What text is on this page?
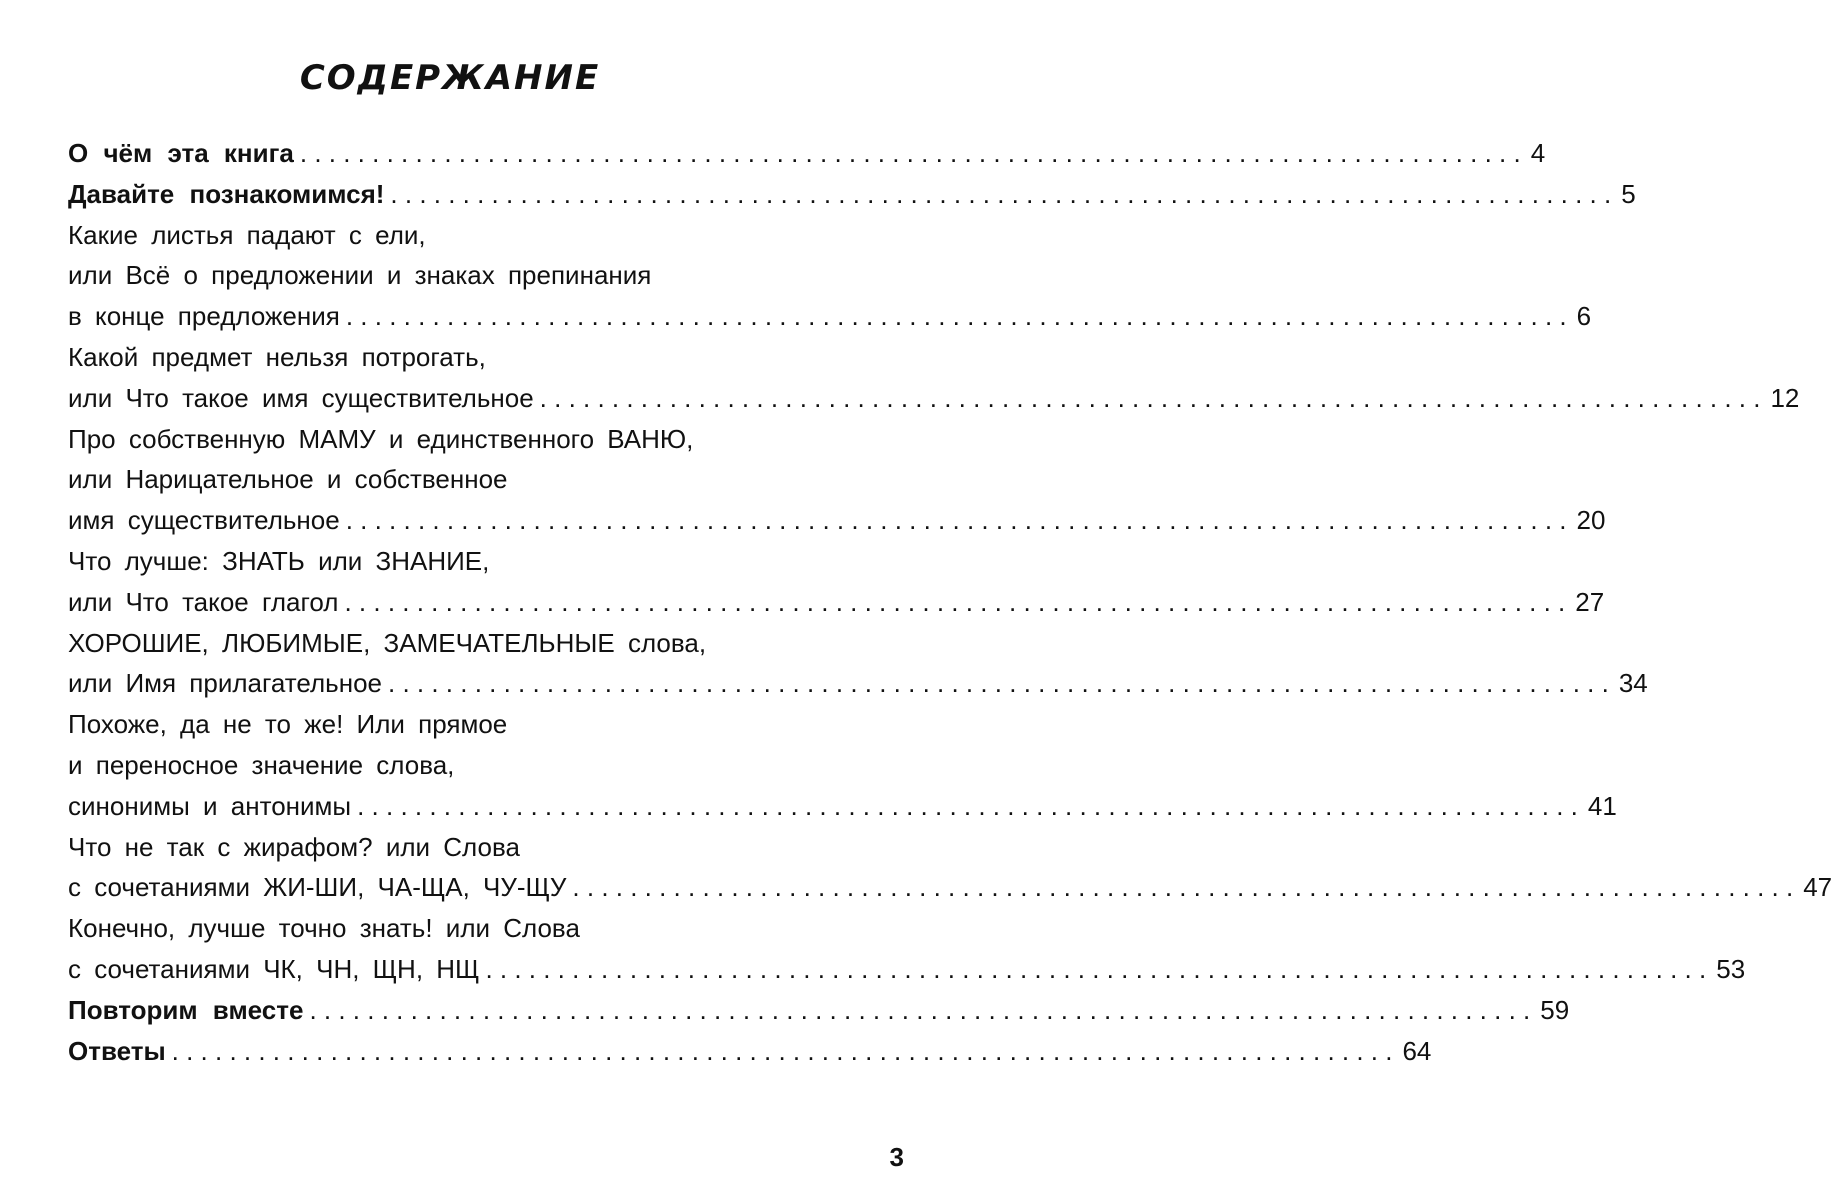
СОДЕРЖАНИЕ
О чём эта книга . . .	4
Давайте познакомимся! . . .	5
Какие листья падают с ели,
или Всё о предложении и знаках препинания
в конце предложения . . .	6
Какой предмет нельзя потрогать,
или Что такое имя существительное . . .	12
Про собственную МАМУ и единственного ВАНЮ,
или Нарицательное и собственное
имя существительное . . .	20
Что лучше: ЗНАТЬ или ЗНАНИЕ,
или Что такое глагол . . .	27
ХОРОШИЕ, ЛЮБИМЫЕ, ЗАМЕЧАТЕЛЬНЫЕ слова,
или Имя прилагательное . . .	34
Похоже, да не то же! Или прямое
и переносное значение слова,
синонимы и антонимы . . .	41
Что не так с жирафом? или Слова
с сочетаниями ЖИ-ШИ, ЧА-ЩА, ЧУ-ЩУ . . .	47
Конечно, лучше точно знать! или Слова
с сочетаниями ЧК, ЧН, ЩН, НЩ . . .	53
Повторим вместе . . .	59
Ответы . . .	64
3
